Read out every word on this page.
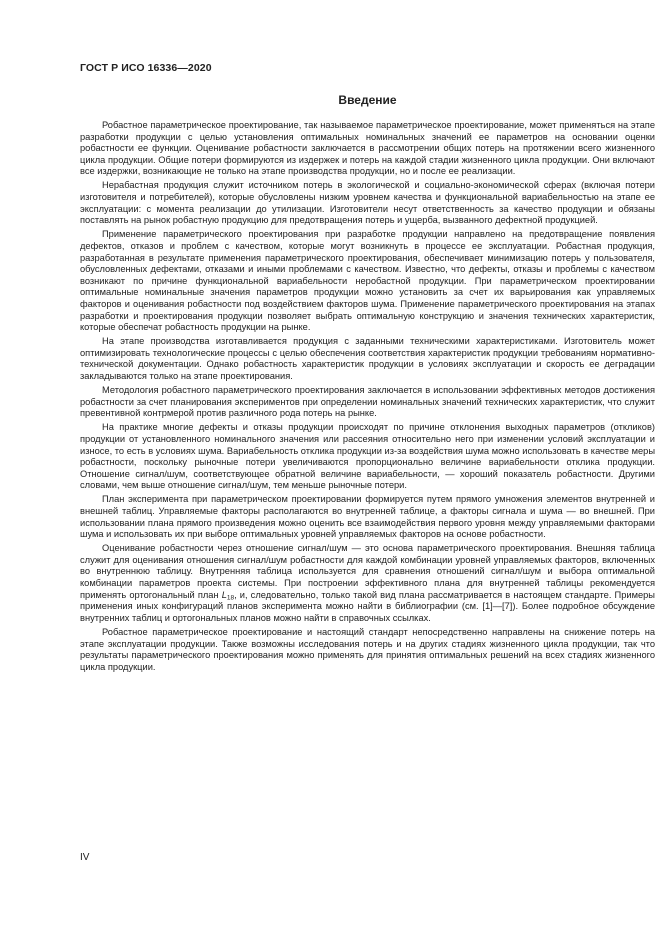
ГОСТ Р ИСО 16336—2020
Введение

Робастное параметрическое проектирование, так называемое параметрическое проектирование, может применяться на этапе разработки продукции с целью установления оптимальных номинальных значений ее параметров на основании оценки робастности ее функции. Оценивание робастности заключается в рассмотрении общих потерь на протяжении всего жизненного цикла продукции. Общие потери формируются из издержек и потерь на каждой стадии жизненного цикла продукции. Они включают все издержки, возникающие не только на этапе производства продукции, но и после ее реализации.

Нерабастная продукция служит источником потерь в экологической и социально-экономической сферах (включая потери изготовителя и потребителей), которые обусловлены низким уровнем качества и функциональной вариабельностью на этапе ее эксплуатации: с момента реализации до утилизации. Изготовители несут ответственность за качество продукции и обязаны поставлять на рынок робастную продукцию для предотвращения потерь и ущерба, вызванного дефектной продукцией.

Применение параметрического проектирования при разработке продукции направлено на предотвращение появления дефектов, отказов и проблем с качеством, которые могут возникнуть в процессе ее эксплуатации. Робастная продукция, разработанная в результате применения параметрического проектирования, обеспечивает минимизацию потерь у пользователя, обусловленных дефектами, отказами и иными проблемами с качеством. Известно, что дефекты, отказы и проблемы с качеством возникают по причине функциональной вариабельности неробастной продукции. При параметрическом проектировании оптимальные номинальные значения параметров продукции можно установить за счет их варьирования как управляемых факторов и оценивания робастности под воздействием факторов шума. Применение параметрического проектирования на этапах разработки и проектирования продукции позволяет выбрать оптимальную конструкцию и значения технических характеристик, которые обеспечат робастность продукции на рынке.

На этапе производства изготавливается продукция с заданными техническими характеристиками. Изготовитель может оптимизировать технологические процессы с целью обеспечения соответствия характеристик продукции требованиям нормативно-технической документации. Однако робастность характеристик продукции в условиях эксплуатации и скорость ее деградации закладываются только на этапе проектирования.

Методология робастного параметрического проектирования заключается в использовании эффективных методов достижения робастности за счет планирования экспериментов при определении номинальных значений технических характеристик, что служит превентивной контрмерой против различного рода потерь на рынке.

На практике многие дефекты и отказы продукции происходят по причине отклонения выходных параметров (откликов) продукции от установленного номинального значения или рассеяния относительно него при изменении условий эксплуатации и износе, то есть в условиях шума. Вариабельность отклика продукции из-за воздействия шума можно использовать в качестве меры робастности, поскольку рыночные потери увеличиваются пропорционально величине вариабельности отклика продукции. Отношение сигнал/шум, соответствующее обратной величине вариабельности, — хороший показатель робастности. Другими словами, чем выше отношение сигнал/шум, тем меньше рыночные потери.

План эксперимента при параметрическом проектировании формируется путем прямого умножения элементов внутренней и внешней таблиц. Управляемые факторы располагаются во внутренней таблице, а факторы сигнала и шума — во внешней. При использовании плана прямого произведения можно оценить все взаимодействия первого уровня между управляемыми факторами шума и использовать их при выборе оптимальных уровней управляемых факторов на основе робастности.

Оценивание робастности через отношение сигнал/шум — это основа параметрического проектирования. Внешняя таблица служит для оценивания отношения сигнал/шум робастности для каждой комбинации уровней управляемых факторов, включенных во внутреннюю таблицу. Внутренняя таблица используется для сравнения отношений сигнал/шум и выбора оптимальной комбинации параметров проекта системы. При построении эффективного плана для внутренней таблицы рекомендуется применять ортогональный план $L_{18}$, и, следовательно, только такой вид плана рассматривается в настоящем стандарте. Примеры применения иных конфигураций планов эксперимента можно найти в библиографии (см. [1]—[7]). Более подробное обсуждение внутренних таблиц и ортогональных планов можно найти в справочных ссылках.

Робастное параметрическое проектирование и настоящий стандарт непосредственно направлены на снижение потерь на этапе эксплуатации продукции. Также возможны исследования потерь и на других стадиях жизненного цикла продукции, так что результаты параметрического проектирования можно применять для принятия оптимальных решений на всех стадиях жизненного цикла продукции.

IV
